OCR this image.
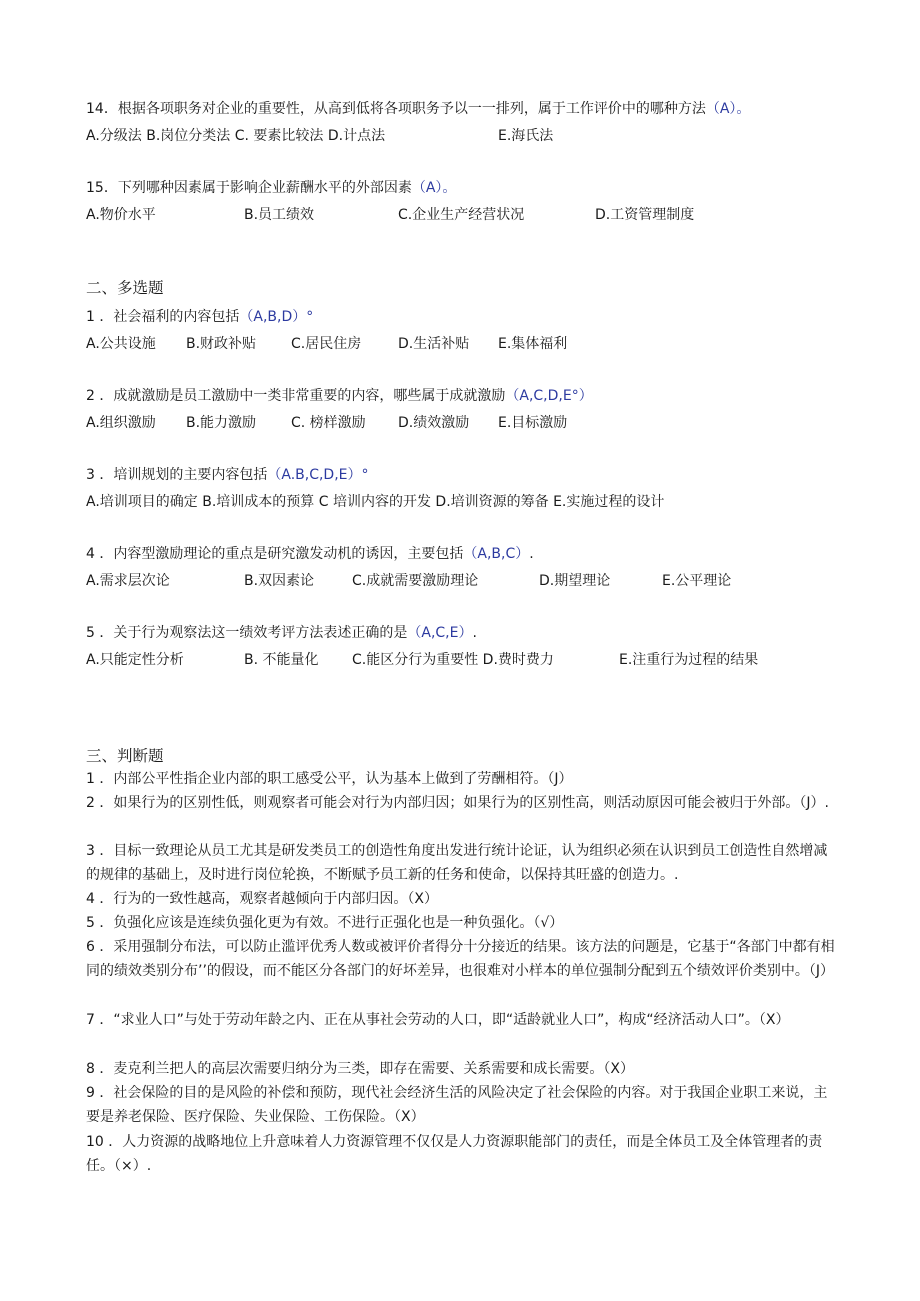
14．根据各项职务对企业的重要性，从高到低将各项职务予以一一排列，属于工作评价中的哪种方法（A）。
A.分级法 B.岗位分类法 C. 要素比较法 D.计点法	E.海氏法
15．下列哪种因素属于影响企业薪酬水平的外部因素（A）。
A.物价水平	B.员工绩效	C.企业生产经营状况	D.工资管理制度
二、多选题
1 ．社会福利的内容包括（A,B,D）°
A.公共设施 B.财政补贴 C.居民住房	D.生活补贴 E.集体福利
2 ．成就激励是员工激励中一类非常重要的内容，哪些属于成就激励（A,C,D,E°）
A.组织激励 B.能力激励 C. 榜样激励 D.绩效激励 E.目标激励
3 ．培训规划的主要内容包括（A.B,C,D,E）°
A.培训项目的确定 B.培训成本的预算 C 培训内容的开发 D.培训资源的筹备 E.实施过程的设计
4 ．内容型激励理论的重点是研究激发动机的诱因，主要包括（A,B,C）.
A.需求层次论	B.双因素论	C.成就需要激励理论	D.期望理论	E.公平理论
5 ．关于行为观察法这一绩效考评方法表述正确的是（A,C,E）.
A.只能定性分析	B. 不能量化 C.能区分行为重要性 D.费时费力	E.注重行为过程的结果
三、判断题
1 ．内部公平性指企业内部的职工感受公平，认为基本上做到了劳酬相符。（J）
2 ．如果行为的区别性低，则观察者可能会对行为内部归因；如果行为的区别性高，则活动原因可能会被归于外部。（J）.
3 ．目标一致理论从员工尤其是研发类员工的创造性角度出发进行统计论证，认为组织必须在认识到员工创造性自然增减的规律的基础上，及时进行岗位轮换，不断赋予员工新的任务和使命，以保持其旺盛的创造力。.
4 ．行为的一致性越高，观察者越倾向于内部归因。（X）
5 ．负强化应该是连续负强化更为有效。不进行正强化也是一种负强化。（√）
6 ．采用强制分布法，可以防止滥评优秀人数或被评价者得分十分接近的结果。该方法的问题是，它基于“各部门中都有相同的绩效类别分布’’的假设，而不能区分各部门的好坏差异，也很难对小样本的单位强制分配到五个绩效评价类别中。（J）
7 ．“求业人口”与处于劳动年龄之内、正在从事社会劳动的人口，即“适龄就业人口”，构成“经济活动人口”。（X）
8 ．麦克利兰把人的高层次需要归纳分为三类，即存在需要、关系需要和成长需要。（X）
9 ．社会保险的目的是风险的补偿和预防，现代社会经济生活的风险决定了社会保险的内容。对于我国企业职工来说，主要是养老保险、医疗保险、失业保险、工伤保险。（X）
10 ．人力资源的战略地位上升意味着人力资源管理不仅仅是人力资源职能部门的责任，而是全体员工及全体管理者的责任。（×）.
